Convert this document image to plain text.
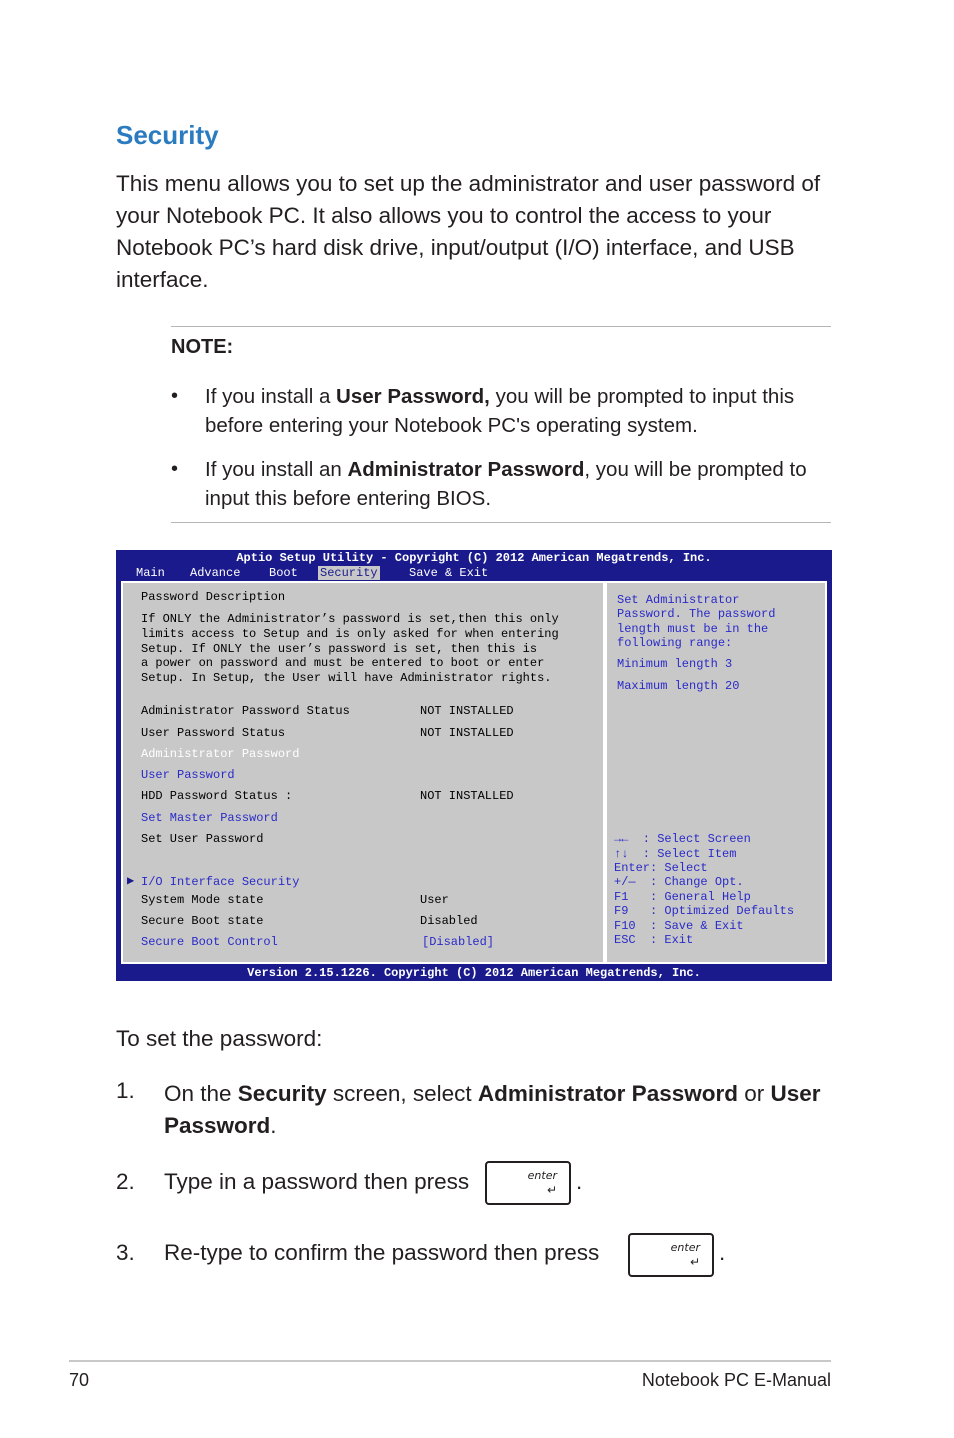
Security
This menu allows you to set up the administrator and user password of your Notebook PC. It also allows you to control the access to your Notebook PC’s hard disk drive, input/output (I/O) interface, and USB interface.
NOTE:
• If you install a User Password, you will be prompted to input this before entering your Notebook PC's operating system.
• If you install an Administrator Password, you will be prompted to input this before entering BIOS.
Aptio Setup Utility - Copyright (C) 2012 American Megatrends, Inc.
Main Advance Boot Security	Save & Exit
Password Description
If ONLY the Administrator’s password is set,then this only
limits access to Setup and is only asked for when entering
Setup. If ONLY the user’s password is set, then this is
a power on password and must be entered to boot or enter
Setup. In Setup, the User will have Administrator rights.
Administrator Password Status	NOT INSTALLED
User Password Status	NOT INSTALLED
Administrator Password
User Password
HDD Password Status :	NOT INSTALLED
Set Master Password
Set User Password
▶ I/O Interface Security
System Mode state	User
Secure Boot state	Disabled
Secure Boot Control	[Disabled]
Set Administrator
Password. The password
length must be in the
following range:
Minimum length 3
Maximum length 20
→←  : Select Screen
↑↓  : Select Item
Enter: Select
+/—  : Change Opt.
F1   : General Help
F9   : Optimized Defaults
F10  : Save & Exit
ESC  : Exit
Version 2.15.1226. Copyright (C) 2012 American Megatrends, Inc.
To set the password:
1. On the Security screen, select Administrator Password or User Password.
2. Type in a password then press	enter
↵ .
3. Re-type to confirm the password then press	enter
↵ .
70	Notebook PC E-Manual
